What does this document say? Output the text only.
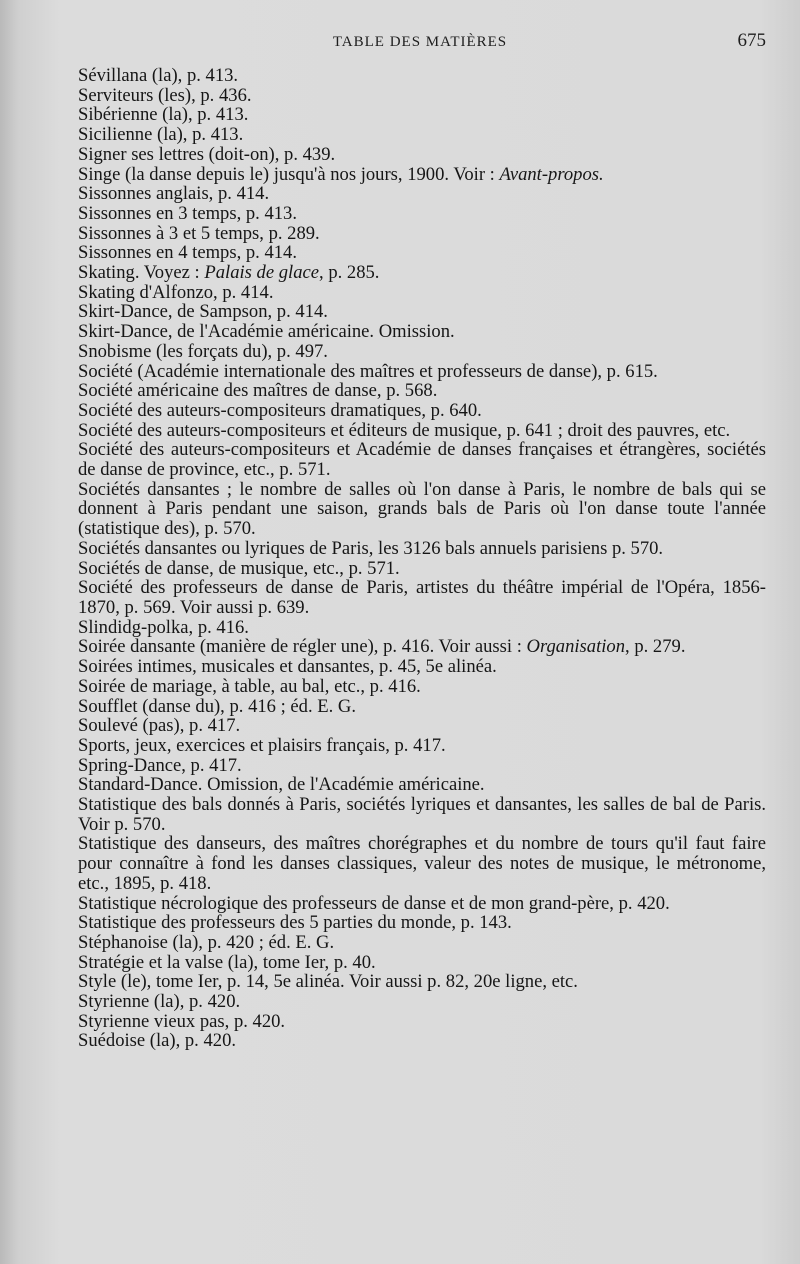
TABLE DES MATIÈRES	675
Sévillana (la), p. 413.
Serviteurs (les), p. 436.
Sibérienne (la), p. 413.
Sicilienne (la), p. 413.
Signer ses lettres (doit-on), p. 439.
Singe (la danse depuis le) jusqu'à nos jours, 1900. Voir : Avant-propos.
Sissonnes anglais, p. 414.
Sissonnes en 3 temps, p. 413.
Sissonnes à 3 et 5 temps, p. 289.
Sissonnes en 4 temps, p. 414.
Skating. Voyez : Palais de glace, p. 285.
Skating d'Alfonzo, p. 414.
Skirt-Dance, de Sampson, p. 414.
Skirt-Dance, de l'Académie américaine. Omission.
Snobisme (les forçats du), p. 497.
Société (Académie internationale des maîtres et professeurs de danse), p. 615.
Société américaine des maîtres de danse, p. 568.
Société des auteurs-compositeurs dramatiques, p. 640.
Société des auteurs-compositeurs et éditeurs de musique, p. 641 ; droit des pauvres, etc.
Société des auteurs-compositeurs et Académie de danses françaises et étrangères, sociétés de danse de province, etc., p. 571.
Sociétés dansantes ; le nombre de salles où l'on danse à Paris, le nombre de bals qui se donnent à Paris pendant une saison, grands bals de Paris où l'on danse toute l'année (statistique des), p. 570.
Sociétés dansantes ou lyriques de Paris, les 3126 bals annuels parisiens p. 570.
Sociétés de danse, de musique, etc., p. 571.
Société des professeurs de danse de Paris, artistes du théâtre impérial de l'Opéra, 1856-1870, p. 569. Voir aussi p. 639.
Slindidg-polka, p. 416.
Soirée dansante (manière de régler une), p. 416. Voir aussi : Organisation, p. 279.
Soirées intimes, musicales et dansantes, p. 45, 5e alinéa.
Soirée de mariage, à table, au bal, etc., p. 416.
Soufflet (danse du), p. 416 ; éd. E. G.
Soulevé (pas), p. 417.
Sports, jeux, exercices et plaisirs français, p. 417.
Spring-Dance, p. 417.
Standard-Dance. Omission, de l'Académie américaine.
Statistique des bals donnés à Paris, sociétés lyriques et dansantes, les salles de bal de Paris. Voir p. 570.
Statistique des danseurs, des maîtres chorégraphes et du nombre de tours qu'il faut faire pour connaître à fond les danses classiques, valeur des notes de musique, le métronome, etc., 1895, p. 418.
Statistique nécrologique des professeurs de danse et de mon grand-père, p. 420.
Statistique des professeurs des 5 parties du monde, p. 143.
Stéphanoise (la), p. 420 ; éd. E. G.
Stratégie et la valse (la), tome Ier, p. 40.
Style (le), tome Ier, p. 14, 5e alinéa. Voir aussi p. 82, 20e ligne, etc.
Styrienne (la), p. 420.
Styrienne vieux pas, p. 420.
Suédoise (la), p. 420.
